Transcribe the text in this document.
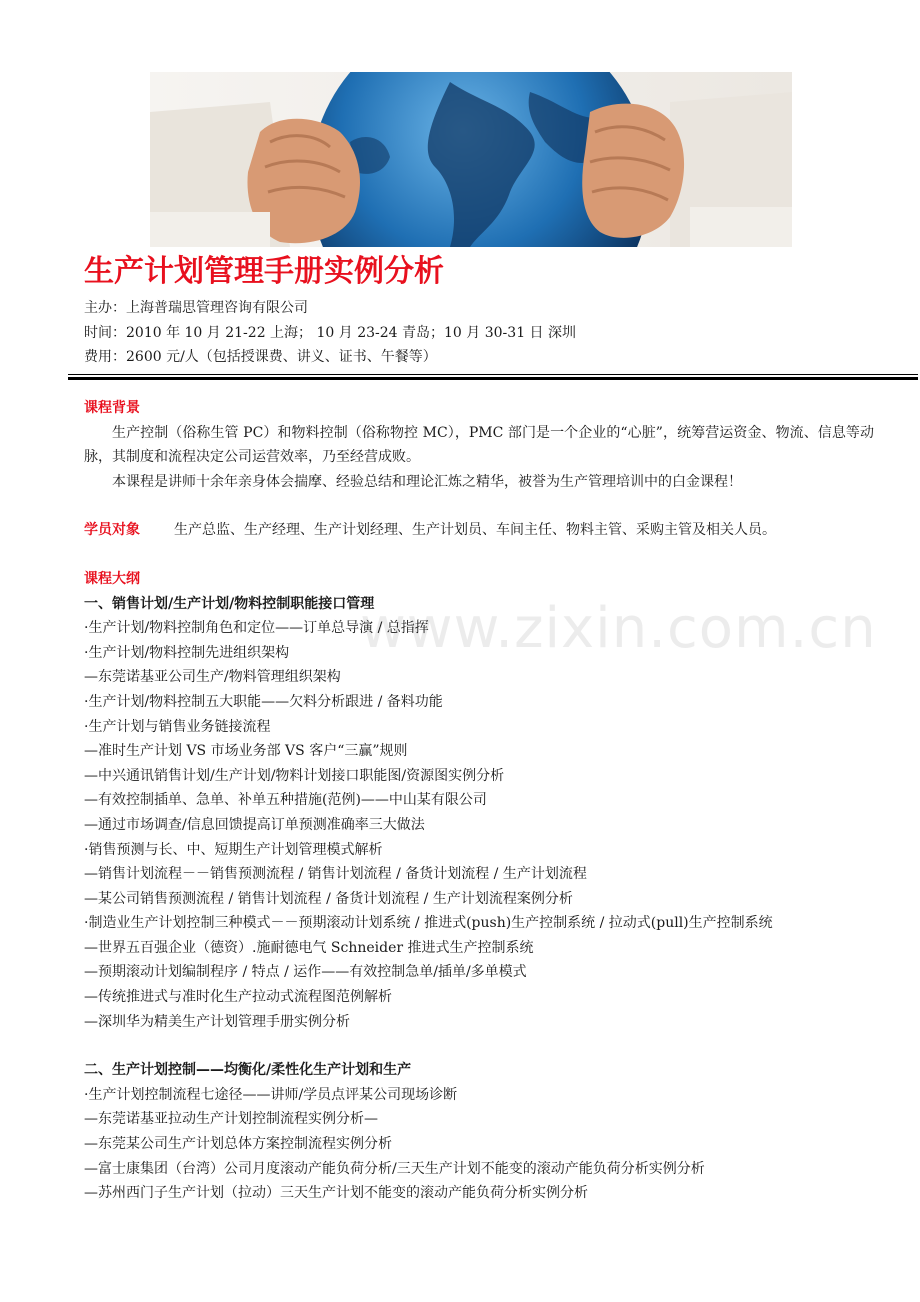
生产计划管理手册实例分析
主办：上海普瑞思管理咨询有限公司
时间：2010 年 10 月 21-22 上海； 10 月 23-24 青岛；10 月 30-31 日 深圳
费用：2600 元/人（包括授课费、讲义、证书、午餐等）
www.zixin.com.cn
课程背景
生产控制（俗称生管 PC）和物料控制（俗称物控 MC），PMC 部门是一个企业的“心脏”，统筹营运资金、物流、信息等动脉，其制度和流程决定公司运营效率，乃至经营成败。
本课程是讲师十余年亲身体会揣摩、经验总结和理论汇炼之精华，被誉为生产管理培训中的白金课程！
学员对象	生产总监、生产经理、生产计划经理、生产计划员、车间主任、物料主管、采购主管及相关人员。
课程大纲
一、销售计划/生产计划/物料控制职能接口管理
·生产计划/物料控制角色和定位——订单总导演 / 总指挥
·生产计划/物料控制先进组织架构
—东莞诺基亚公司生产/物料管理组织架构
·生产计划/物料控制五大职能——欠料分析跟进 / 备料功能
·生产计划与销售业务链接流程
—准时生产计划 VS 市场业务部 VS 客户“三赢”规则
—中兴通讯销售计划/生产计划/物料计划接口职能图/资源图实例分析
—有效控制插单、急单、补单五种措施(范例)——中山某有限公司
—通过市场调查/信息回馈提高订单预测准确率三大做法
·销售预测与长、中、短期生产计划管理模式解析
—销售计划流程－－销售预测流程 / 销售计划流程 / 备货计划流程 / 生产计划流程
—某公司销售预测流程 / 销售计划流程 / 备货计划流程 / 生产计划流程案例分析
·制造业生产计划控制三种模式－－预期滚动计划系统 / 推进式(push)生产控制系统 / 拉动式(pull)生产控制系统
—世界五百强企业（德资）.施耐德电气 Schneider 推进式生产控制系统
—预期滚动计划编制程序 / 特点 / 运作——有效控制急单/插单/多单模式
—传统推进式与准时化生产拉动式流程图范例解析
—深圳华为精美生产计划管理手册实例分析
二、生产计划控制——均衡化/柔性化生产计划和生产
·生产计划控制流程七途径——讲师/学员点评某公司现场诊断
—东莞诺基亚拉动生产计划控制流程实例分析—
—东莞某公司生产计划总体方案控制流程实例分析
—富士康集团（台湾）公司月度滚动产能负荷分析/三天生产计划不能变的滚动产能负荷分析实例分析
—苏州西门子生产计划（拉动）三天生产计划不能变的滚动产能负荷分析实例分析
